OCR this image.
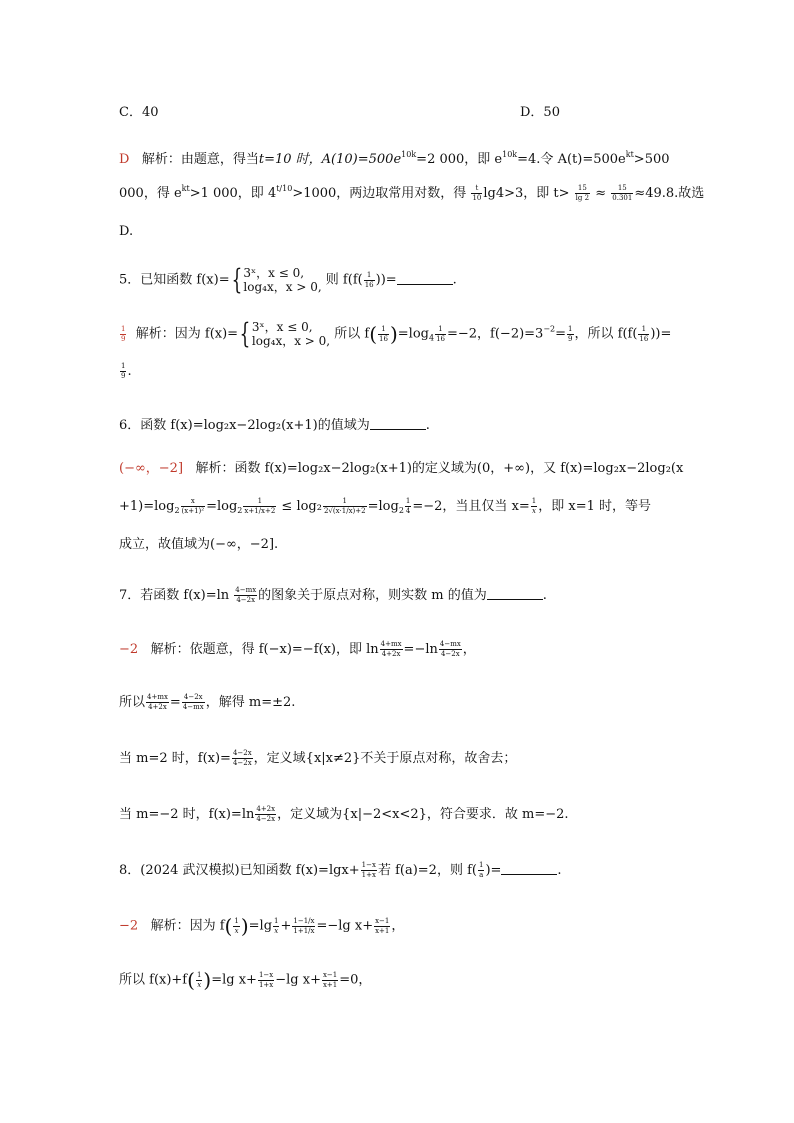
C．40	D．50
D 解析：由题意，得当t=10 时，$A(10)=500e^{10k}=2$ 000，即 $e^{10k}=4$.令 $A(t)=500e^{kt}>500$
000，得 $e^{kt}>1$ 000，即 $4^{t/10}>1000$，两边取常用对数，得 $\frac{t}{10} \lg 4>3$，即 $t> \frac{15}{\lg 2} \approx \frac{15}{0.301} \approx 49.8$.故选
D.
5．已知函数 f(x)={ 3ˣ，x ≤ 0,
log₄x，x > 0, 则 $f(f( \frac{1}{16}$ ))=	.
$\frac{1}{9}$ 解析：因为 f(x)={ 3ˣ，x ≤ 0,
log₄x，x > 0, 所以 $f( \frac{1}{16} )=\log_4 \frac{1}{16} =-2$，$f(-2)=3^{-2}= \frac{1}{9}$ ，所以 $f(f( \frac{1}{16}$ ))=
$\frac{1}{9}$ .
6．函数 f(x)=log₂x−2log₂(x+1)的值域为	.
(−∞，−2] 解析：函数 f(x)=log₂x−2log₂(x+1)的定义域为(0，+∞)，又 f(x)=log₂x−2log₂(x
$+1)=\log_2 \frac{x}{\text{(x+1)²}} =\log_2 \frac{1}{x+1/x+2} \le \log_2 \frac{1}{2√(x\cdot 1/x)+2} =\log_2 \frac{1}{4} =-2$，当且仅当 $x= \frac{1}{x}$ ，即 x=1 时，等号
成立，故值域为(−∞，−2].
7．若函数 $f(x)=\ln \frac{4-mx}{4-2x}$ 的图象关于原点对称，则实数 m 的值为	.
−2 解析：依题意，得 f(−x)=−f(x)，即 $\ln \frac{4+mx}{4+2x} =-\ln \frac{4-mx}{4-2x}$ ，
所以 $\frac{4+mx}{4+2x} = \frac{4-2x}{4-mx}$ ，解得 m=±2.
当 m=2 时，$f(x)= \frac{4-2x}{4-2x}$ ，定义域{x|x≠2}不关于原点对称，故舍去；
当 m=−2 时，$f(x)=\ln \frac{4+2x}{4-2x}$ ，定义域为{x|−2<x<2}，符合要求．故 m=−2.
8．(2024 武汉模拟)已知函数 $f(x)=\lg x+ \frac{1-x}{1+x}$ 若 f(a)=2，则 $f( \frac{1}{a}$ )=	.
−2 解析：因为 $f( \frac{1}{x} )=\lg \frac{1}{x} + \frac{1-1/x}{1+1/x} =-\lg$ $x+ \frac{x-1}{x+1}$ ，
所以 $f(x)+f( \frac{1}{x} )=\lg$ $x+ \frac{1-x}{1+x} -\lg$ $x+ \frac{x-1}{x+1} =0$，
